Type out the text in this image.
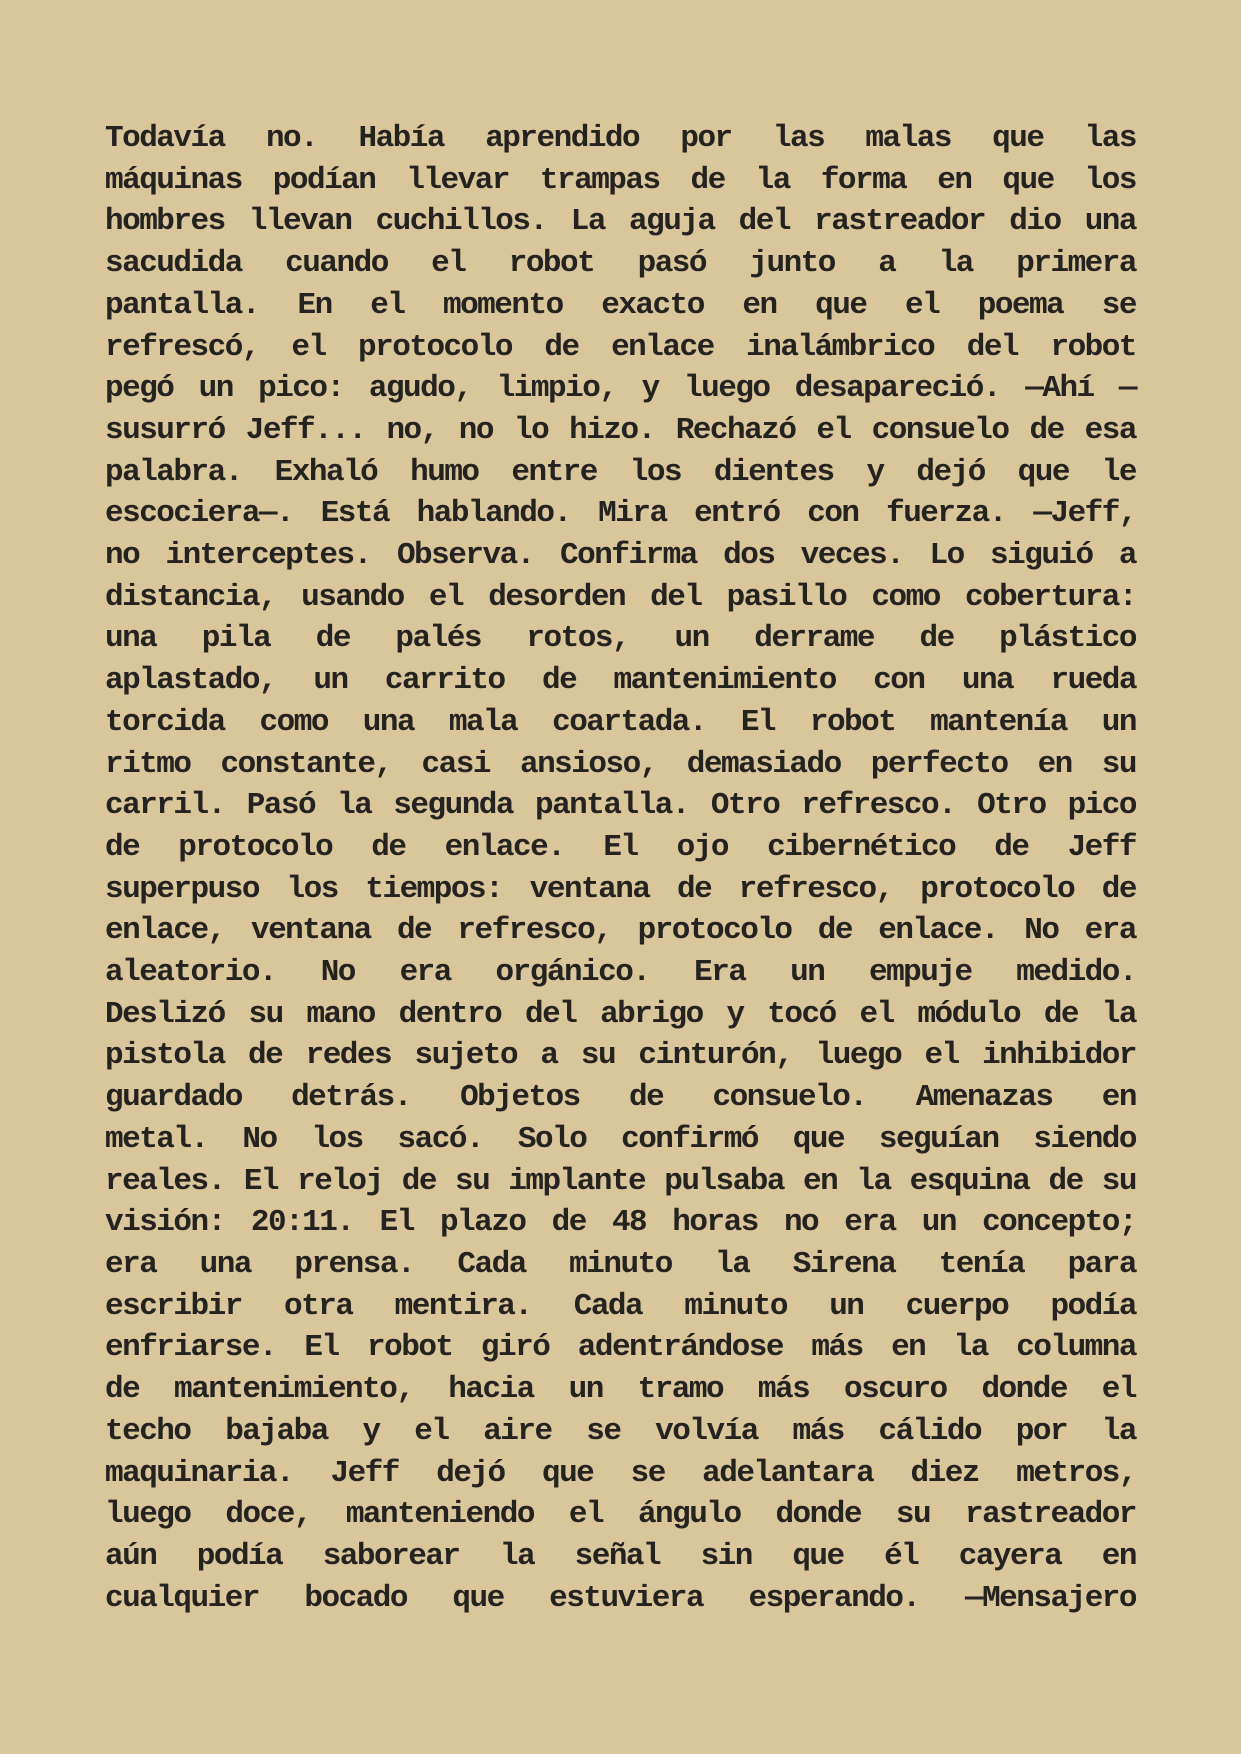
Todavía no. Había aprendido por las malas que las
máquinas podían llevar trampas de la forma en que los
hombres llevan cuchillos. La aguja del rastreador dio una
sacudida cuando el robot pasó junto a la primera
pantalla. En el momento exacto en que el poema se
refrescó, el protocolo de enlace inalámbrico del robot
pegó un pico: agudo, limpio, y luego desapareció. —Ahí —
susurró Jeff... no, no lo hizo. Rechazó el consuelo de esa
palabra. Exhaló humo entre los dientes y dejó que le
escociera—. Está hablando. Mira entró con fuerza. —Jeff,
no interceptes. Observa. Confirma dos veces. Lo siguió a
distancia, usando el desorden del pasillo como cobertura:
una pila de palés rotos, un derrame de plástico
aplastado, un carrito de mantenimiento con una rueda
torcida como una mala coartada. El robot mantenía un
ritmo constante, casi ansioso, demasiado perfecto en su
carril. Pasó la segunda pantalla. Otro refresco. Otro pico
de protocolo de enlace. El ojo cibernético de Jeff
superpuso los tiempos: ventana de refresco, protocolo de
enlace, ventana de refresco, protocolo de enlace. No era
aleatorio. No era orgánico. Era un empuje medido.
Deslizó su mano dentro del abrigo y tocó el módulo de la
pistola de redes sujeto a su cinturón, luego el inhibidor
guardado detrás. Objetos de consuelo. Amenazas en
metal. No los sacó. Solo confirmó que seguían siendo
reales. El reloj de su implante pulsaba en la esquina de su
visión: 20:11. El plazo de 48 horas no era un concepto;
era una prensa. Cada minuto la Sirena tenía para
escribir otra mentira. Cada minuto un cuerpo podía
enfriarse. El robot giró adentrándose más en la columna
de mantenimiento, hacia un tramo más oscuro donde el
techo bajaba y el aire se volvía más cálido por la
maquinaria. Jeff dejó que se adelantara diez metros,
luego doce, manteniendo el ángulo donde su rastreador
aún podía saborear la señal sin que él cayera en
cualquier bocado que estuviera esperando. —Mensajero
